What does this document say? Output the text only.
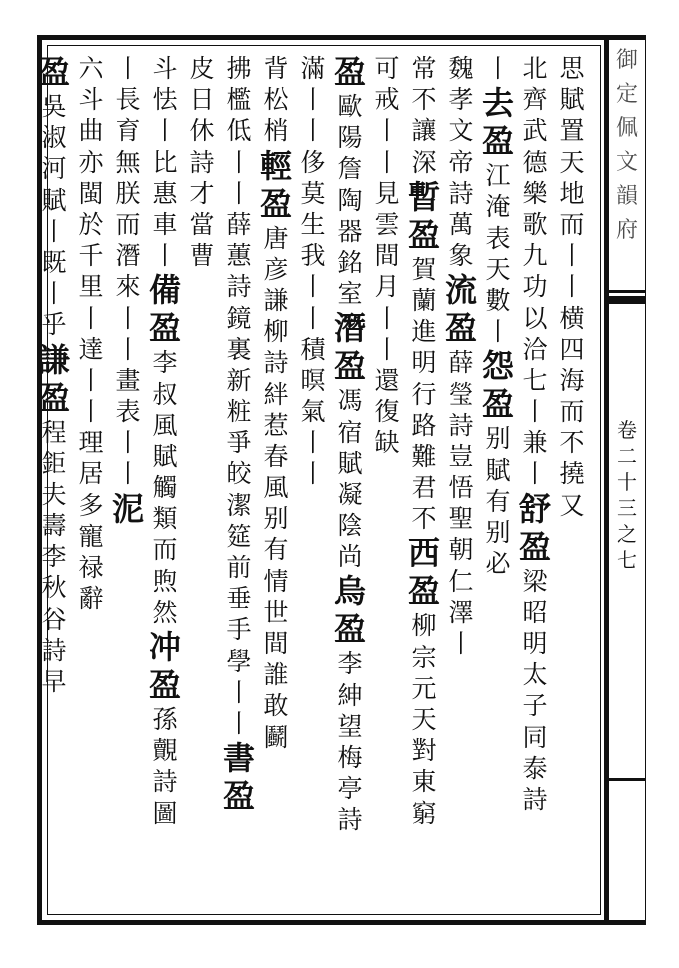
御
定
佩
文
韻
府
卷
二
十
三
之
七
思
賦
置
天
地
而
丨
丨
横
四
海
而
不
撓
又
北
齊
武
德
樂
歌
九
功
以
洽
七
丨
兼
丨
舒
盈
梁
昭
明
太
子
同
泰
詩
丨
去
盈
江
淹
表
天
數
丨
怨
盈
别
賦
有
别
必
魏
孝
文
帝
詩
萬
象
流
盈
薛
瑩
詩
豈
悟
聖
朝
仁
澤
丨
常
不
讓
深
暫
盈
賀
蘭
進
明
行
路
難
君
不
西
盈
柳
宗
元
天
對
東
窮
可
戒
丨
丨
見
雲
間
月
丨
丨
還
復
缺
盈
歐
陽
詹
陶
器
銘
室
潛
盈
馮
宿
賦
凝
陰
尚
烏
盈
李
紳
望
梅
亭
詩
滿
丨
丨
侈
莫
生
我
丨
丨
積
暝
氣
丨
丨
背
松
梢
輕
盈
唐
彦
謙
柳
詩
絆
惹
春
風
别
有
情
世
間
誰
敢
鬬
拂
檻
低
丨
丨
薛
蕙
詩
鏡
裏
新
粧
爭
皎
潔
筵
前
垂
手
學
丨
丨
書
盈
皮
日
休
詩
才
當
曹
斗
怯
丨
比
惠
車
丨
備
盈
李
叔
風
賦
觸
類
而
煦
然
冲
盈
孫
覿
詩
圖
丨
長
育
無
朕
而
潛
來
丨
丨
畫
表
丨
丨
泥
六
斗
曲
亦
閩
於
千
里
丨
達
丨
丨
理
居
多
寵
禄
辭
盈
吳
淑
河
賦
丨
既
丨
乎
謙
盈
程
鉅
夫
壽
李
秋
谷
詩
早
